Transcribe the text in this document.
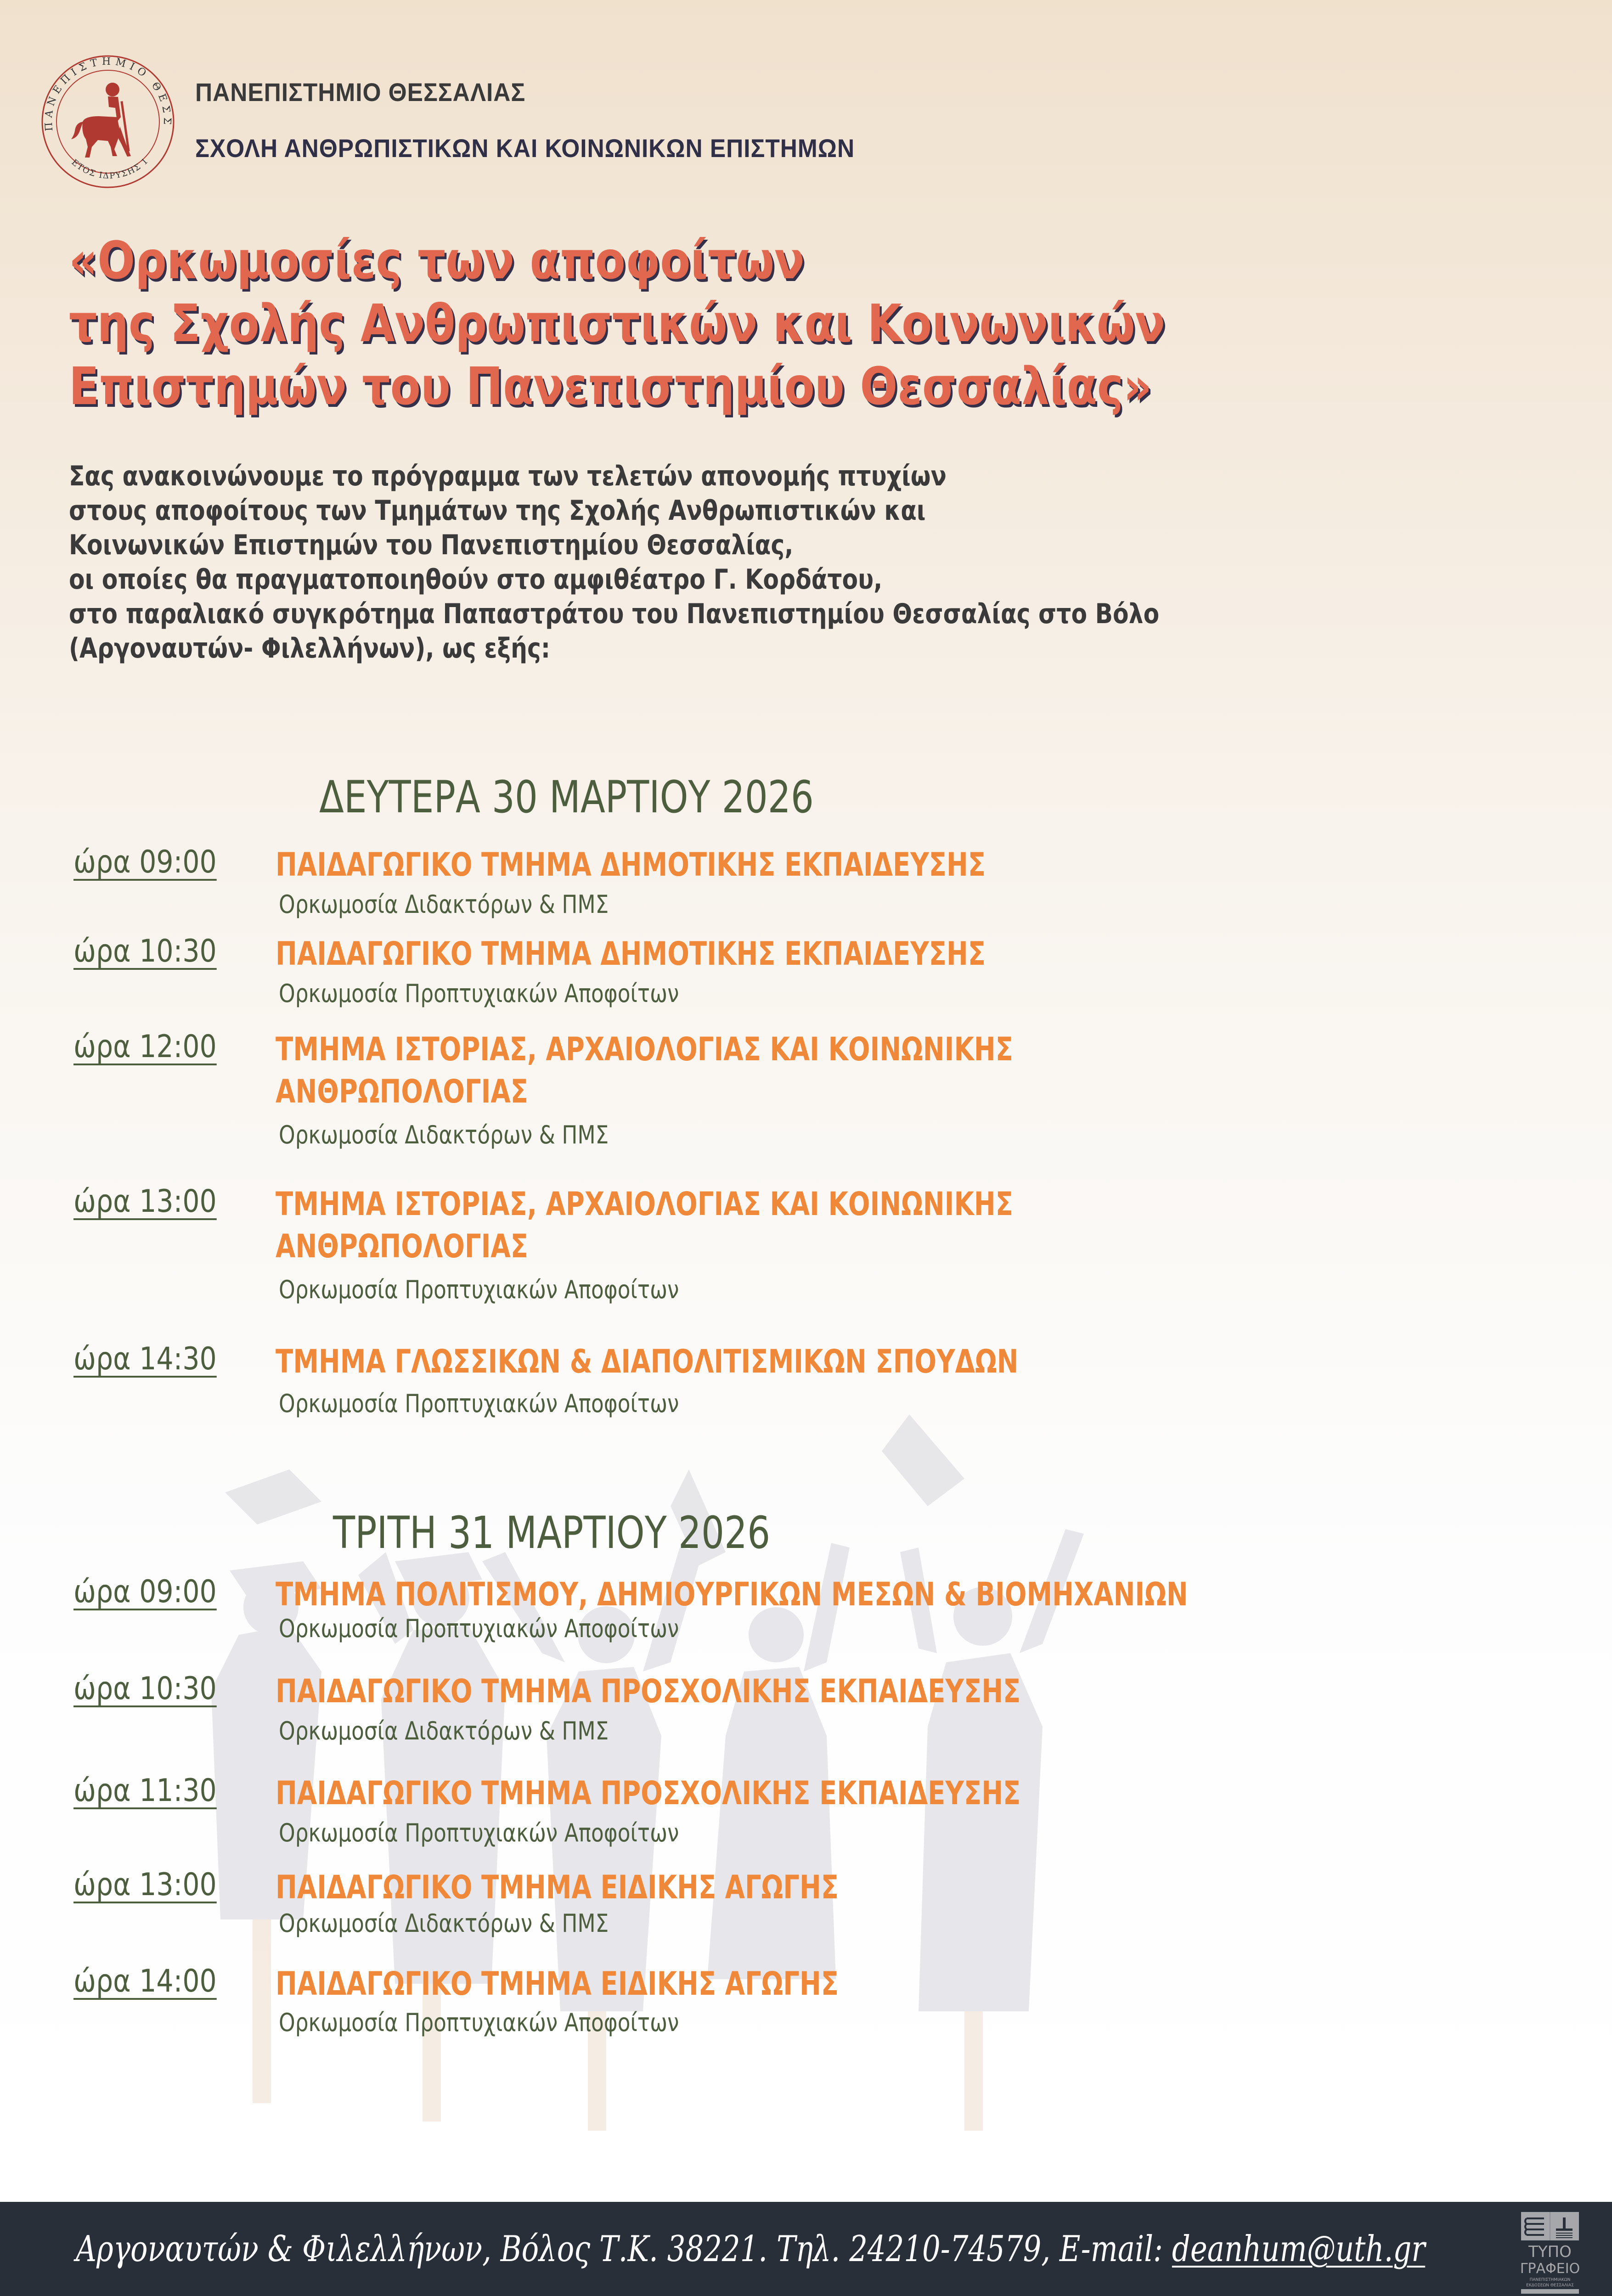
ΠΑΝΕΠΙΣΤΗΜΙΟ ΘΕΣΣ
ΕΤΟΣ ΙΔΡΥΣΗΣ 1
ΠΑΝΕΠΙΣΤΗΜΙΟ ΘΕΣΣΑΛΙΑΣ
ΣΧΟΛΗ ΑΝΘΡΩΠΙΣΤΙΚΩΝ ΚΑΙ ΚΟΙΝΩΝΙΚΩΝ ΕΠΙΣΤΗΜΩΝ
«Ορκωμοσίες των αποφοίτων
της Σχολής Ανθρωπιστικών και Κοινωνικών
Επιστημών του Πανεπιστημίου Θεσσαλίας»
Σας ανακοινώνουμε το πρόγραμμα των τελετών απονομής πτυχίων
στους αποφοίτους των Τμημάτων της Σχολής Ανθρωπιστικών και
Κοινωνικών Επιστημών του Πανεπιστημίου Θεσσαλίας,
οι οποίες θα πραγματοποιηθούν στο αμφιθέατρο Γ. Κορδάτου,
στο παραλιακό συγκρότημα Παπαστράτου του Πανεπιστημίου Θεσσαλίας στο Βόλο
(Αργοναυτών- Φιλελλήνων), ως εξής:
ΔΕΥΤΕΡΑ 30 ΜΑΡΤΙΟΥ 2026
ώρα 09:00 ΠΑΙΔΑΓΩΓΙΚΟ ΤΜΗΜΑ ΔΗΜΟΤΙΚΗΣ ΕΚΠΑΙΔΕΥΣΗΣ
Ορκωμοσία Διδακτόρων & ΠΜΣ
ώρα 10:30 ΠΑΙΔΑΓΩΓΙΚΟ ΤΜΗΜΑ ΔΗΜΟΤΙΚΗΣ ΕΚΠΑΙΔΕΥΣΗΣ
Ορκωμοσία Προπτυχιακών Αποφοίτων
ώρα 12:00 ΤΜΗΜΑ ΙΣΤΟΡΙΑΣ, ΑΡΧΑΙΟΛΟΓΙΑΣ ΚΑΙ ΚΟΙΝΩΝΙΚΗΣ
ΑΝΘΡΩΠΟΛΟΓΙΑΣ
Ορκωμοσία Διδακτόρων & ΠΜΣ
ώρα 13:00 ΤΜΗΜΑ ΙΣΤΟΡΙΑΣ, ΑΡΧΑΙΟΛΟΓΙΑΣ ΚΑΙ ΚΟΙΝΩΝΙΚΗΣ
ΑΝΘΡΩΠΟΛΟΓΙΑΣ
Ορκωμοσία Προπτυχιακών Αποφοίτων
ώρα 14:30 ΤΜΗΜΑ ΓΛΩΣΣΙΚΩΝ & ΔΙΑΠΟΛΙΤΙΣΜΙΚΩΝ ΣΠΟΥΔΩΝ
Ορκωμοσία Προπτυχιακών Αποφοίτων
ΤΡΙΤΗ 31 ΜΑΡΤΙΟΥ 2026
ώρα 09:00 ΤΜΗΜΑ ΠΟΛΙΤΙΣΜΟΥ, ΔΗΜΙΟΥΡΓΙΚΩΝ ΜΕΣΩΝ & ΒΙΟΜΗΧΑΝΙΩΝ
Ορκωμοσία Προπτυχιακών Αποφοίτων
ώρα 10:30 ΠΑΙΔΑΓΩΓΙΚΟ ΤΜΗΜΑ ΠΡΟΣΧΟΛΙΚΗΣ ΕΚΠΑΙΔΕΥΣΗΣ
Ορκωμοσία Διδακτόρων & ΠΜΣ
ώρα 11:30 ΠΑΙΔΑΓΩΓΙΚΟ ΤΜΗΜΑ ΠΡΟΣΧΟΛΙΚΗΣ ΕΚΠΑΙΔΕΥΣΗΣ
Ορκωμοσία Προπτυχιακών Αποφοίτων
ώρα 13:00 ΠΑΙΔΑΓΩΓΙΚΟ ΤΜΗΜΑ ΕΙΔΙΚΗΣ ΑΓΩΓΗΣ
Ορκωμοσία Διδακτόρων & ΠΜΣ
ώρα 14:00 ΠΑΙΔΑΓΩΓΙΚΟ ΤΜΗΜΑ ΕΙΔΙΚΗΣ ΑΓΩΓΗΣ
Ορκωμοσία Προπτυχιακών Αποφοίτων
Αργοναυτών & Φιλελλήνων, Βόλος Τ.Κ. 38221. Τηλ. 24210-74579, E-mail: deanhum@uth.gr	ΤΥΠΟ
ΓΡΑΦΕΙΟ
ΠΑΝΕΠΙΣΤΗΜΙΑΚΩΝ
ΕΚΔΟΣΕΩΝ ΘΕΣΣΑΛΙΑΣ
